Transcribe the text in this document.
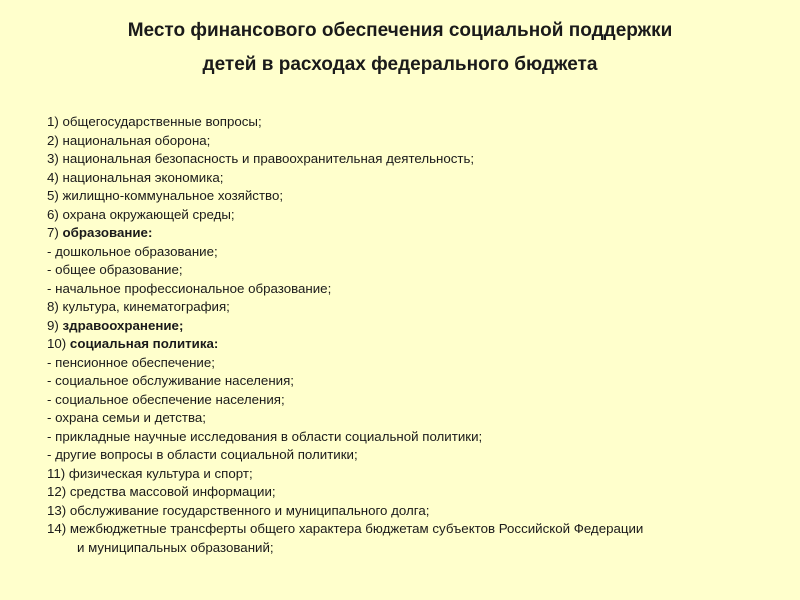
Место финансового обеспечения социальной поддержки
детей в расходах федерального бюджета
1) общегосударственные вопросы;
2) национальная оборона;
3) национальная безопасность и правоохранительная деятельность;
4) национальная экономика;
5) жилищно-коммунальное хозяйство;
6) охрана окружающей среды;
7) образование:
- дошкольное образование;
- общее образование;
- начальное профессиональное образование;
8) культура, кинематография;
9) здравоохранение;
10) социальная политика:
- пенсионное обеспечение;
- социальное обслуживание населения;
- социальное обеспечение населения;
- охрана семьи и детства;
- прикладные научные исследования в области социальной политики;
- другие вопросы в области социальной политики;
11) физическая культура и спорт;
12) средства массовой информации;
13) обслуживание государственного и муниципального долга;
14) межбюджетные трансферты общего характера бюджетам субъектов Российской Федерации
и муниципальных образований;
